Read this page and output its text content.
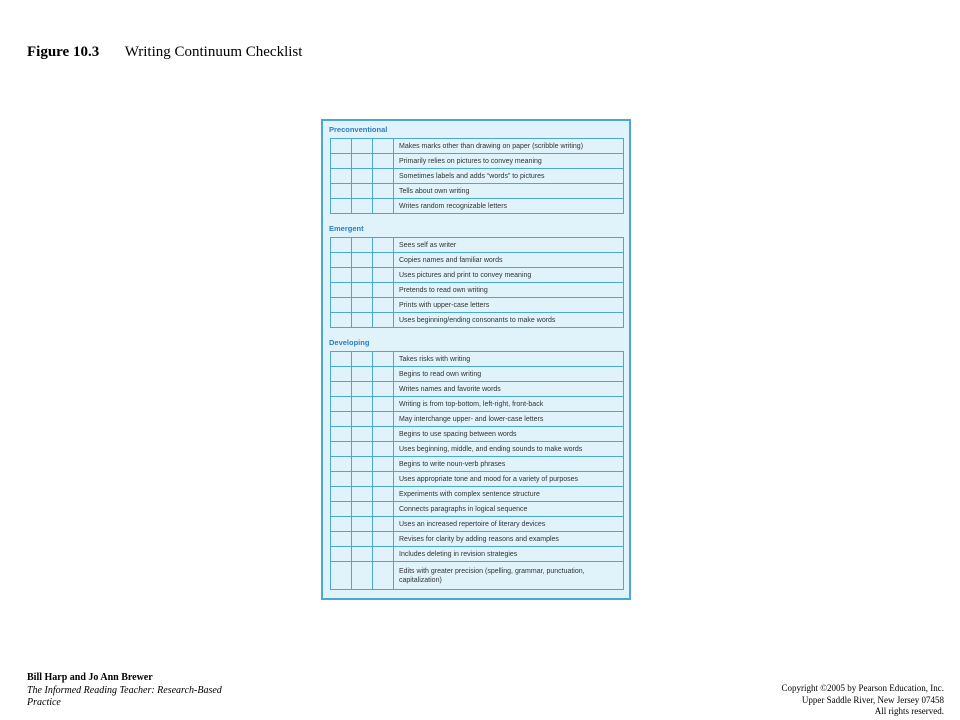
Figure 10.3 Writing Continuum Checklist
Preconventional
			Makes marks other than drawing on paper (scribble writing)
			Primarily relies on pictures to convey meaning
			Sometimes labels and adds “words” to pictures
			Tells about own writing
			Writes random recognizable letters
Emergent
			Sees self as writer
			Copies names and familiar words
			Uses pictures and print to convey meaning
			Pretends to read own writing
			Prints with upper-case letters
			Uses beginning/ending consonants to make words
Developing
			Takes risks with writing
			Begins to read own writing
			Writes names and favorite words
			Writing is from top-bottom, left-right, front-back
			May interchange upper- and lower-case letters
			Begins to use spacing between words
			Uses beginning, middle, and ending sounds to make words
			Begins to write noun-verb phrases
			Uses appropriate tone and mood for a variety of purposes
			Experiments with complex sentence structure
			Connects paragraphs in logical sequence
			Uses an increased repertoire of literary devices
			Revises for clarity by adding reasons and examples
			Includes deleting in revision strategies
			Edits with greater precision (spelling, grammar, punctuation, capitalization)
Bill Harp and Jo Ann Brewer
The Informed Reading Teacher: Research-Based Practice
Copyright ©2005 by Pearson Education, Inc.
Upper Saddle River, New Jersey 07458
All rights reserved.
